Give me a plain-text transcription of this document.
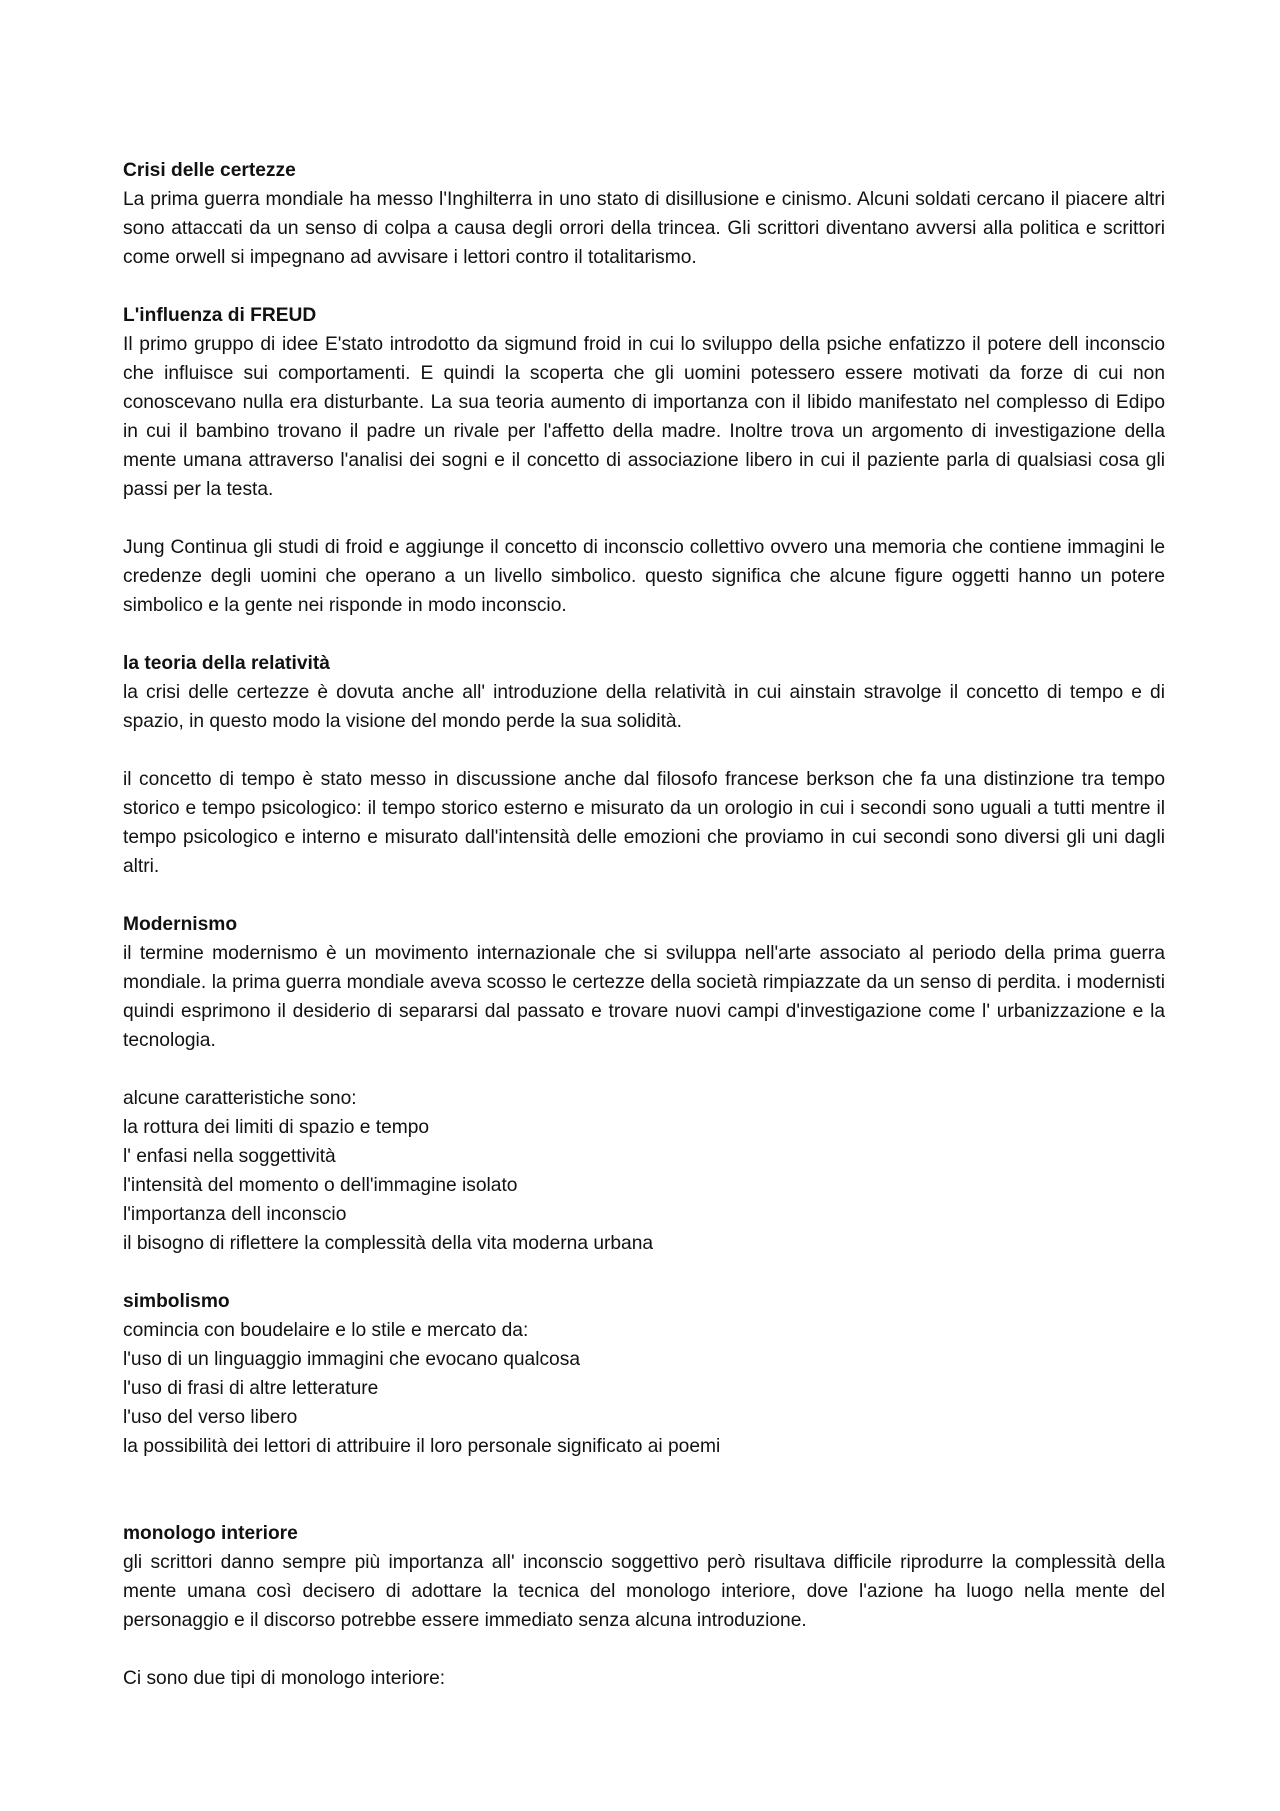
Crisi delle certezze

La prima guerra mondiale ha messo l'Inghilterra in uno stato di disillusione e cinismo. Alcuni soldati cercano il piacere altri sono attaccati da un senso di colpa a causa degli orrori della trincea. Gli scrittori diventano avversi alla politica e scrittori come orwell si impegnano ad avvisare i lettori contro il totalitarismo.

L'influenza di FREUD

Il primo gruppo di idee E'stato introdotto da sigmund froid in cui lo sviluppo della psiche enfatizzo il potere dell inconscio che influisce sui comportamenti. E quindi la scoperta che gli uomini potessero essere motivati da forze di cui non conoscevano nulla era disturbante. La sua teoria aumento di importanza con il libido manifestato nel complesso di Edipo in cui il bambino trovano il padre un rivale per l'affetto della madre. Inoltre trova un argomento di investigazione della mente umana attraverso l'analisi dei sogni e il concetto di associazione libero in cui il paziente parla di qualsiasi cosa gli passi per la testa.

Jung Continua gli studi di froid e aggiunge il concetto di inconscio collettivo ovvero una memoria che contiene immagini le credenze degli uomini che operano a un livello simbolico. questo significa che alcune figure oggetti hanno un potere simbolico e la gente nei risponde in modo inconscio.

la teoria della relatività

la crisi delle certezze è dovuta anche all' introduzione della relatività in cui ainstain stravolge il concetto di tempo e di spazio, in questo modo la visione del mondo perde la sua solidità.

il concetto di tempo è stato messo in discussione anche dal filosofo francese berkson che fa una distinzione tra tempo storico e tempo psicologico: il tempo storico esterno e misurato da un orologio in cui i secondi sono uguali a tutti mentre il tempo psicologico e interno e misurato dall'intensità delle emozioni che proviamo in cui secondi sono diversi gli uni dagli altri.

Modernismo

il termine modernismo è un movimento internazionale che si sviluppa nell'arte associato al periodo della prima guerra mondiale. la prima guerra mondiale aveva scosso le certezze della società rimpiazzate da un senso di perdita. i modernisti quindi esprimono il desiderio di separarsi dal passato e trovare nuovi campi d'investigazione come l' urbanizzazione e la tecnologia.

alcune caratteristiche sono:

la rottura dei limiti di spazio e tempo

l' enfasi nella soggettività

l'intensità del momento o dell'immagine isolato

l'importanza dell inconscio

il bisogno di riflettere la complessità della vita moderna urbana

simbolismo

comincia con boudelaire e lo stile e mercato da:

l'uso di un linguaggio immagini che evocano qualcosa

l'uso di frasi di altre letterature

l'uso del verso libero

la possibilità dei lettori di attribuire il loro personale significato ai poemi

monologo interiore

gli scrittori danno sempre più importanza all' inconscio soggettivo però risultava difficile riprodurre la complessità della mente umana così decisero di adottare la tecnica del monologo interiore, dove l'azione ha luogo nella mente del personaggio e il discorso potrebbe essere immediato senza alcuna introduzione.

Ci sono due tipi di monologo interiore:
